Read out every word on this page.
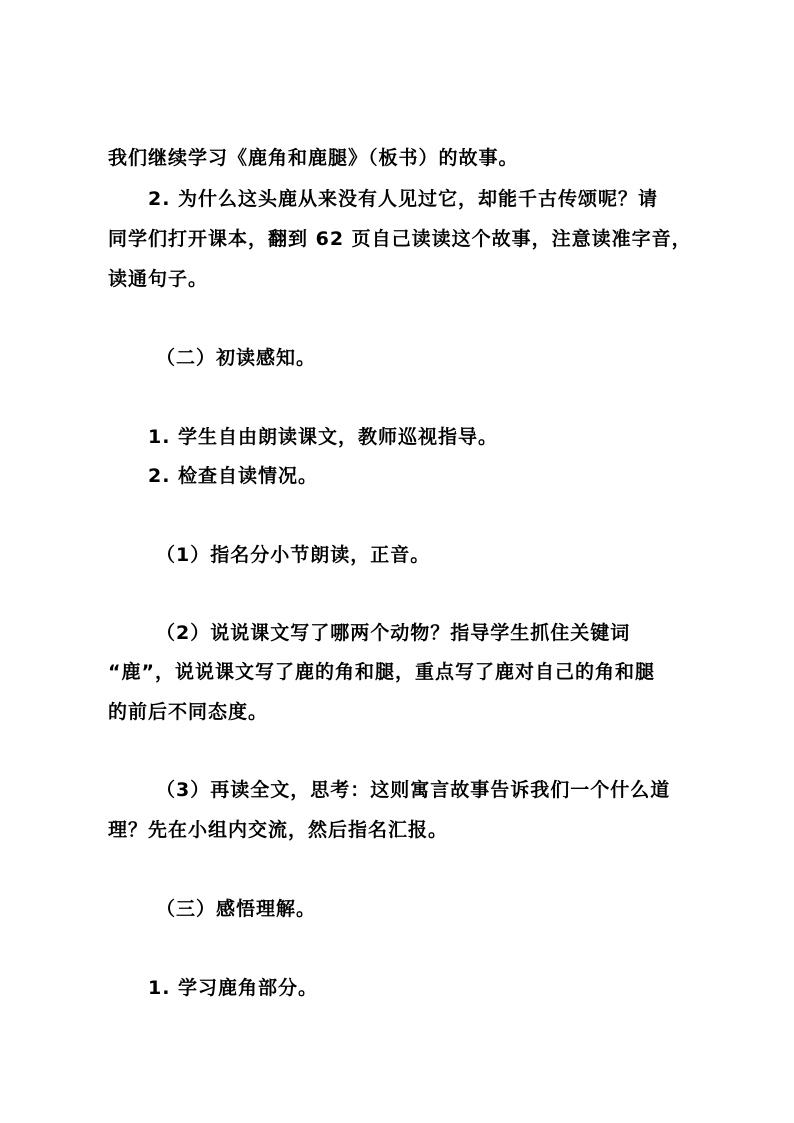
我们继续学习《鹿角和鹿腿》（板书）的故事。
2. 为什么这头鹿从来没有人见过它，却能千古传颂呢？请
同学们打开课本，翻到 62 页自己读读这个故事，注意读准字音，
读通句子。
（二）初读感知。
1. 学生自由朗读课文，教师巡视指导。
2. 检查自读情况。
（1）指名分小节朗读，正音。
（2）说说课文写了哪两个动物？指导学生抓住关键词
“鹿”，说说课文写了鹿的角和腿，重点写了鹿对自己的角和腿
的前后不同态度。
（3）再读全文，思考：这则寓言故事告诉我们一个什么道
理？先在小组内交流，然后指名汇报。
（三）感悟理解。
1. 学习鹿角部分。
